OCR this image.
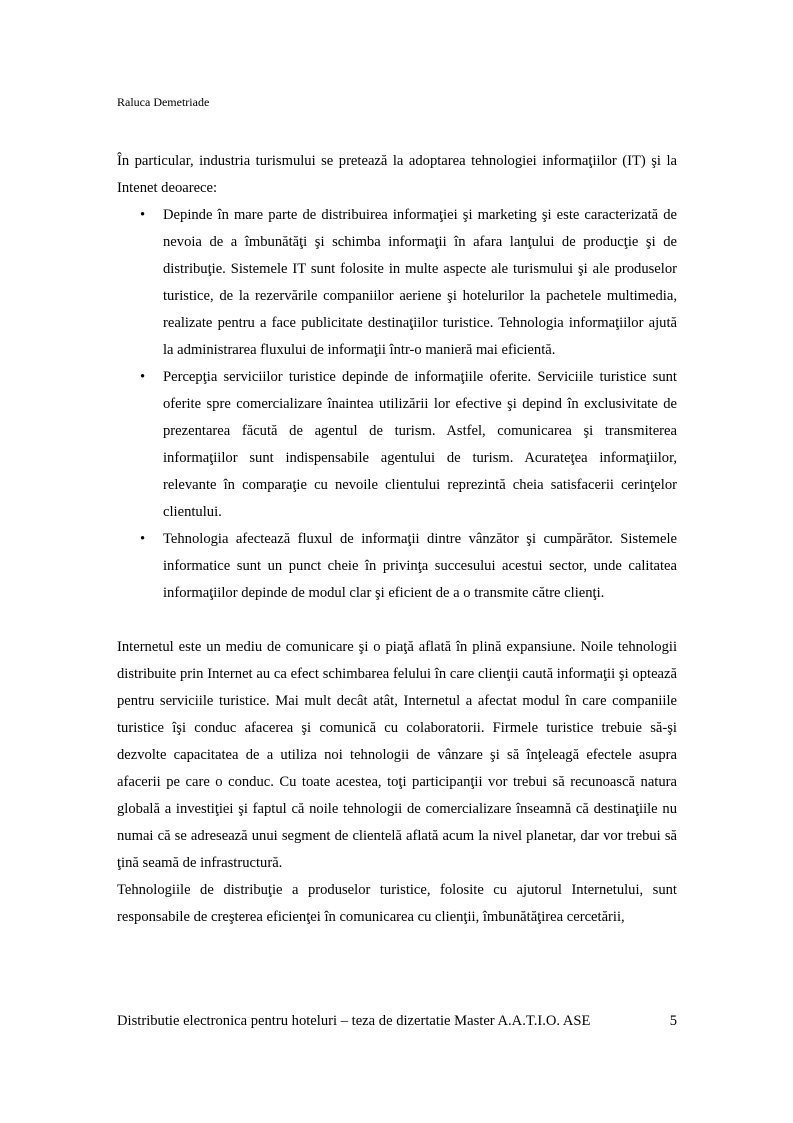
Raluca Demetriade

În particular, industria turismului se pretează la adoptarea tehnologiei informaţiilor (IT) şi la Intenet deoarece:

• Depinde în mare parte de distribuirea informaţiei şi marketing şi este caracterizată de nevoia de a îmbunătăţi şi schimba informaţii în afara lanţului de producţie şi de distribuţie. Sistemele IT sunt folosite in multe aspecte ale turismului şi ale produselor turistice, de la rezervările companiilor aeriene şi hotelurilor la pachetele multimedia, realizate pentru a face publicitate destinaţiilor turistice. Tehnologia informaţiilor ajută la administrarea fluxului de informaţii într-o manieră mai eficientă.
• Percepţia serviciilor turistice depinde de informaţiile oferite. Serviciile turistice sunt oferite spre comercializare înaintea utilizării lor efective şi depind în exclusivitate de prezentarea făcută de agentul de turism. Astfel, comunicarea şi transmiterea informaţiilor sunt indispensabile agentului de turism. Acurateţea informaţiilor, relevante în comparaţie cu nevoile clientului reprezintă cheia satisfacerii cerinţelor clientului.
• Tehnologia afectează fluxul de informaţii dintre vânzător şi cumpărător. Sistemele informatice sunt un punct cheie în privinţa succesului acestui sector, unde calitatea informaţiilor depinde de modul clar şi eficient de a o transmite către clienţi.

Internetul este un mediu de comunicare şi o piaţă aflată în plină expansiune. Noile tehnologii distribuite prin Internet au ca efect schimbarea felului în care clienţii caută informaţii şi optează pentru serviciile turistice. Mai mult decât atât, Internetul a afectat modul în care companiile turistice îşi conduc afacerea şi comunică cu colaboratorii. Firmele turistice trebuie să-şi dezvolte capacitatea de a utiliza noi tehnologii de vânzare şi să înţeleagă efectele asupra afacerii pe care o conduc. Cu toate acestea, toţi participanţii vor trebui să recunoască natura globală a investiţiei şi faptul că noile tehnologii de comercializare înseamnă că destinaţiile nu numai că se adresează unui segment de clientelă aflată acum la nivel planetar, dar vor trebui să ţină seamă de infrastructură.

Tehnologiile de distribuţie a produselor turistice, folosite cu ajutorul Internetului, sunt responsabile de creşterea eficienţei în comunicarea cu clienţii, îmbunătăţirea cercetării,

Distributie electronica pentru hoteluri – teza de dizertatie Master A.A.T.I.O. ASE	5
